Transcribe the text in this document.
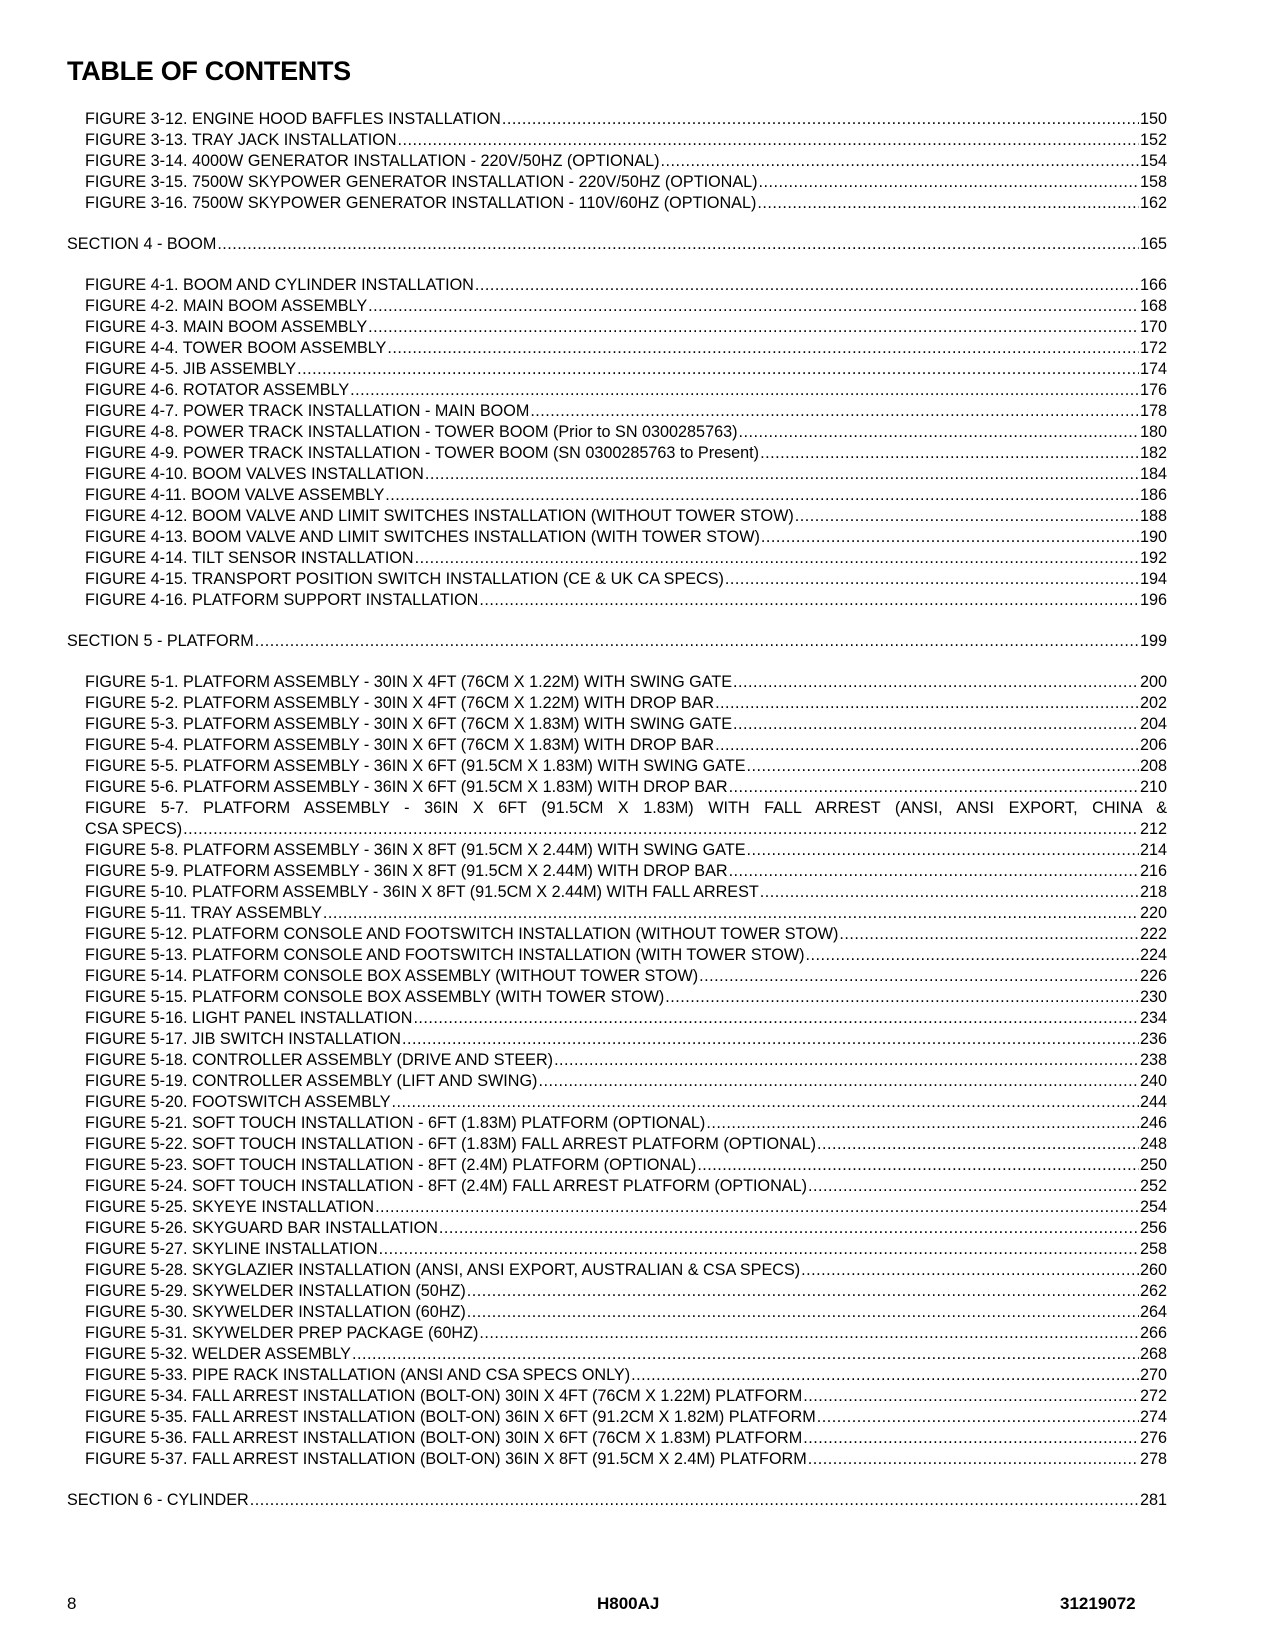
TABLE OF CONTENTS
FIGURE 3-12. ENGINE HOOD BAFFLES INSTALLATION .....	150
FIGURE 3-13. TRAY JACK INSTALLATION .....	152
FIGURE 3-14. 4000W GENERATOR INSTALLATION - 220V/50HZ (OPTIONAL) .....	154
FIGURE 3-15. 7500W SKYPOWER GENERATOR INSTALLATION - 220V/50HZ (OPTIONAL) .....	158
FIGURE 3-16. 7500W SKYPOWER GENERATOR INSTALLATION - 110V/60HZ (OPTIONAL) .....	162
SECTION 4 - BOOM .....	165
FIGURE 4-1. BOOM AND CYLINDER INSTALLATION .....	166
FIGURE 4-2. MAIN BOOM ASSEMBLY .....	168
FIGURE 4-3. MAIN BOOM ASSEMBLY .....	170
FIGURE 4-4. TOWER BOOM ASSEMBLY .....	172
FIGURE 4-5. JIB ASSEMBLY .....	174
FIGURE 4-6. ROTATOR ASSEMBLY .....	176
FIGURE 4-7. POWER TRACK INSTALLATION - MAIN BOOM .....	178
FIGURE 4-8. POWER TRACK INSTALLATION - TOWER BOOM (Prior to SN 0300285763) .....	180
FIGURE 4-9. POWER TRACK INSTALLATION - TOWER BOOM (SN 0300285763 to Present) .....	182
FIGURE 4-10. BOOM VALVES INSTALLATION .....	184
FIGURE 4-11. BOOM VALVE ASSEMBLY .....	186
FIGURE 4-12. BOOM VALVE AND LIMIT SWITCHES INSTALLATION (WITHOUT TOWER STOW) .....	188
FIGURE 4-13. BOOM VALVE AND LIMIT SWITCHES INSTALLATION (WITH TOWER STOW) .....	190
FIGURE 4-14. TILT SENSOR INSTALLATION .....	192
FIGURE 4-15. TRANSPORT POSITION SWITCH INSTALLATION (CE & UK CA SPECS) .....	194
FIGURE 4-16. PLATFORM SUPPORT INSTALLATION .....	196
SECTION 5 - PLATFORM .....	199
FIGURE 5-1. PLATFORM ASSEMBLY - 30IN X 4FT (76CM X 1.22M) WITH SWING GATE .....	200
FIGURE 5-2. PLATFORM ASSEMBLY - 30IN X 4FT (76CM X 1.22M) WITH DROP BAR .....	202
FIGURE 5-3. PLATFORM ASSEMBLY - 30IN X 6FT (76CM X 1.83M) WITH SWING GATE .....	204
FIGURE 5-4. PLATFORM ASSEMBLY - 30IN X 6FT (76CM X 1.83M) WITH DROP BAR .....	206
FIGURE 5-5. PLATFORM ASSEMBLY - 36IN X 6FT (91.5CM X 1.83M) WITH SWING GATE .....	208
FIGURE 5-6. PLATFORM ASSEMBLY - 36IN X 6FT (91.5CM X 1.83M) WITH DROP BAR .....	210
FIGURE 5-7. PLATFORM ASSEMBLY - 36IN X 6FT (91.5CM X 1.83M) WITH FALL ARREST (ANSI, ANSI EXPORT, CHINA &
CSA SPECS) .....	212
FIGURE 5-8. PLATFORM ASSEMBLY - 36IN X 8FT (91.5CM X 2.44M) WITH SWING GATE .....	214
FIGURE 5-9. PLATFORM ASSEMBLY - 36IN X 8FT (91.5CM X 2.44M) WITH DROP BAR .....	216
FIGURE 5-10. PLATFORM ASSEMBLY - 36IN X 8FT (91.5CM X 2.44M) WITH FALL ARREST .....	218
FIGURE 5-11. TRAY ASSEMBLY .....	220
FIGURE 5-12. PLATFORM CONSOLE AND FOOTSWITCH INSTALLATION (WITHOUT TOWER STOW) .....	222
FIGURE 5-13. PLATFORM CONSOLE AND FOOTSWITCH INSTALLATION (WITH TOWER STOW) .....	224
FIGURE 5-14. PLATFORM CONSOLE BOX ASSEMBLY (WITHOUT TOWER STOW) .....	226
FIGURE 5-15. PLATFORM CONSOLE BOX ASSEMBLY (WITH TOWER STOW) .....	230
FIGURE 5-16. LIGHT PANEL INSTALLATION .....	234
FIGURE 5-17. JIB SWITCH INSTALLATION .....	236
FIGURE 5-18. CONTROLLER ASSEMBLY (DRIVE AND STEER) .....	238
FIGURE 5-19. CONTROLLER ASSEMBLY (LIFT AND SWING) .....	240
FIGURE 5-20. FOOTSWITCH ASSEMBLY .....	244
FIGURE 5-21. SOFT TOUCH INSTALLATION - 6FT (1.83M) PLATFORM (OPTIONAL) .....	246
FIGURE 5-22. SOFT TOUCH INSTALLATION - 6FT (1.83M) FALL ARREST PLATFORM (OPTIONAL) .....	248
FIGURE 5-23. SOFT TOUCH INSTALLATION - 8FT (2.4M) PLATFORM (OPTIONAL) .....	250
FIGURE 5-24. SOFT TOUCH INSTALLATION - 8FT (2.4M) FALL ARREST PLATFORM (OPTIONAL) .....	252
FIGURE 5-25. SKYEYE INSTALLATION .....	254
FIGURE 5-26. SKYGUARD BAR INSTALLATION .....	256
FIGURE 5-27. SKYLINE INSTALLATION .....	258
FIGURE 5-28. SKYGLAZIER INSTALLATION (ANSI, ANSI EXPORT, AUSTRALIAN & CSA SPECS) .....	260
FIGURE 5-29. SKYWELDER INSTALLATION (50HZ) .....	262
FIGURE 5-30. SKYWELDER INSTALLATION (60HZ) .....	264
FIGURE 5-31. SKYWELDER PREP PACKAGE (60HZ) .....	266
FIGURE 5-32. WELDER ASSEMBLY .....	268
FIGURE 5-33. PIPE RACK INSTALLATION (ANSI AND CSA SPECS ONLY) .....	270
FIGURE 5-34. FALL ARREST INSTALLATION (BOLT-ON) 30IN X 4FT (76CM X 1.22M) PLATFORM .....	272
FIGURE 5-35. FALL ARREST INSTALLATION (BOLT-ON) 36IN X 6FT (91.2CM X 1.82M) PLATFORM .....	274
FIGURE 5-36. FALL ARREST INSTALLATION (BOLT-ON) 30IN X 6FT (76CM X 1.83M) PLATFORM .....	276
FIGURE 5-37. FALL ARREST INSTALLATION (BOLT-ON) 36IN X 8FT (91.5CM X 2.4M) PLATFORM .....	278
SECTION 6 - CYLINDER .....	281
8	H800AJ	31219072
